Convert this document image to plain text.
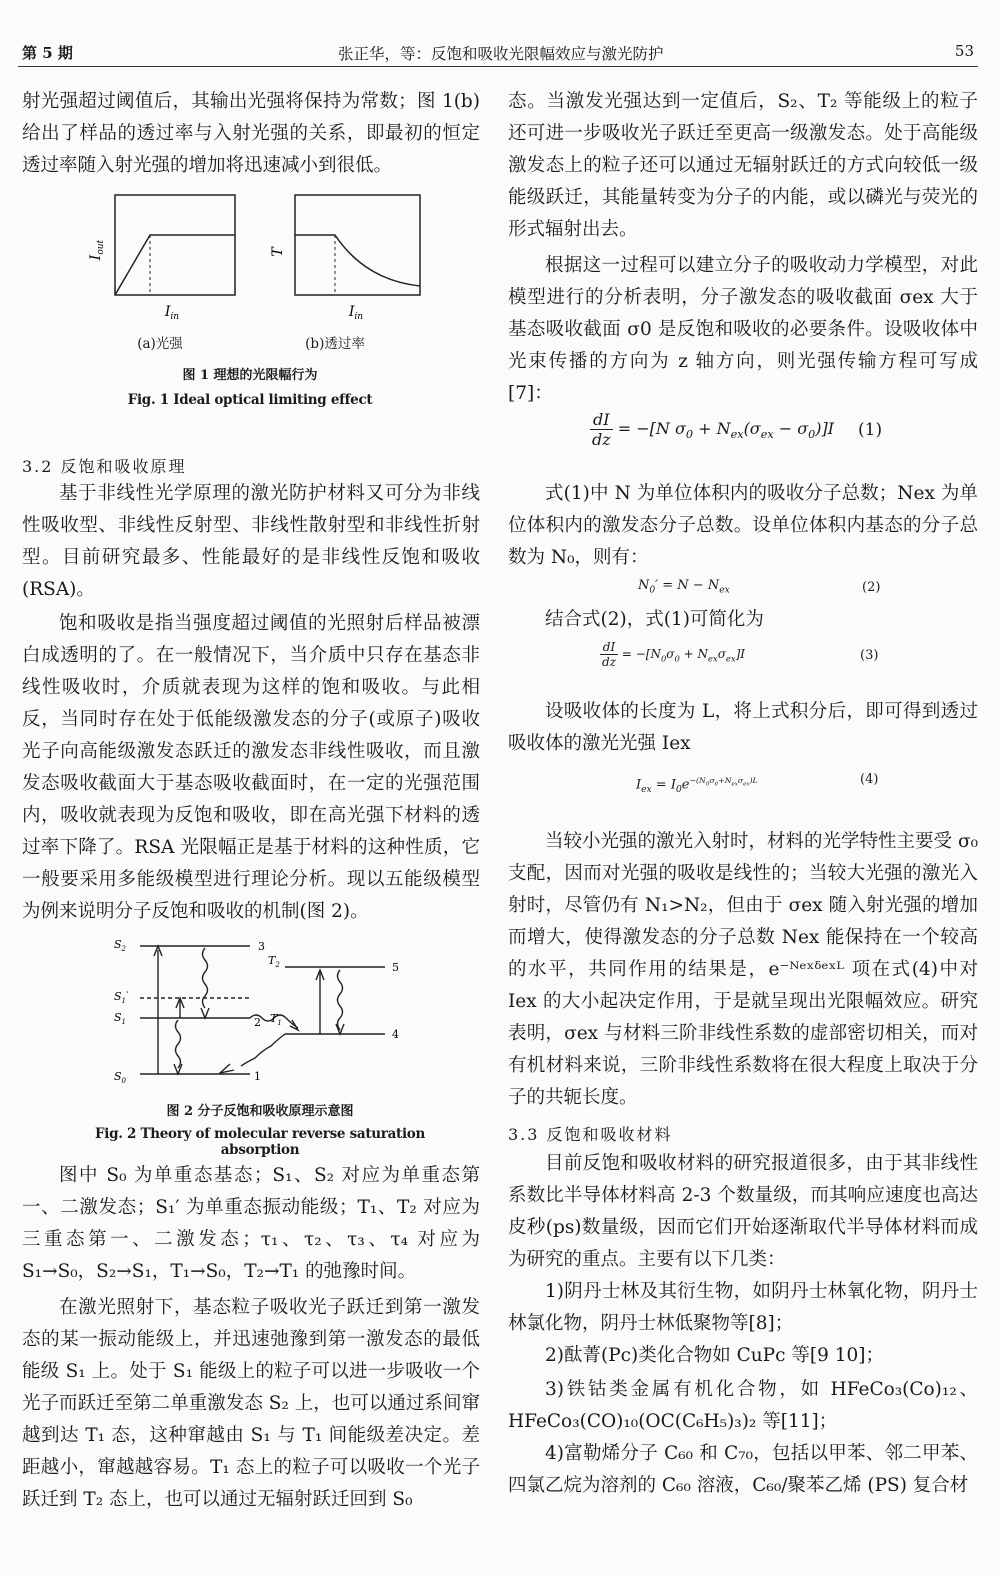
第 5 期	张正华，等：反饱和吸收光限幅效应与激光防护	53

射光强超过阈值后，其输出光强将保持为常数；图 1(b)给出了样品的透过率与入射光强的关系，即最初的恒定透过率随入射光强的增加将迅速减小到很低。

$I_{out}$
$I_{in}$
T
$I_{in}$
(a)光强	(b)透过率
图 1 理想的光限幅行为
Fig. 1 Ideal optical limiting effect
3.2 反饱和吸收原理

基于非线性光学原理的激光防护材料又可分为非线性吸收型、非线性反射型、非线性散射型和非线性折射型。目前研究最多、性能最好的是非线性反饱和吸收(RSA)。

饱和吸收是指当强度超过阈值的光照射后样品被漂白成透明的了。在一般情况下，当介质中只存在基态非线性吸收时，介质就表现为这样的饱和吸收。与此相反，当同时存在处于低能级激发态的分子(或原子)吸收光子向高能级激发态跃迁的激发态非线性吸收，而且激发态吸收截面大于基态吸收截面时，在一定的光强范围内，吸收就表现为反饱和吸收，即在高光强下材料的透过率下降了。RSA 光限幅正是基于材料的这种性质，它一般要采用多能级模型进行理论分析。现以五能级模型为例来说明分子反饱和吸收的机制(图 2)。

$S_2$
$S_1'$
$S_1$
$S_0$
$T_2$
$T_1$
3
5
2
4
1
图 2 分子反饱和吸收原理示意图
Fig. 2 Theory of molecular reverse saturation absorption

图中 S₀ 为单重态基态；S₁、S₂ 对应为单重态第一、二激发态；S₁′ 为单重态振动能级；T₁、T₂ 对应为三重态第一、二激发态；τ₁、τ₂、τ₃、τ₄ 对应为 S₁→S₀，S₂→S₁，T₁→S₀，T₂→T₁ 的弛豫时间。

在激光照射下，基态粒子吸收光子跃迁到第一激发态的某一振动能级上，并迅速弛豫到第一激发态的最低能级 S₁ 上。处于 S₁ 能级上的粒子可以进一步吸收一个光子而跃迁至第二单重激发态 S₂ 上，也可以通过系间窜越到达 T₁ 态，这种窜越由 S₁ 与 T₁ 间能级差决定。差距越小，窜越越容易。T₁ 态上的粒子可以吸收一个光子跃迁到 T₂ 态上，也可以通过无辐射跃迁回到 S₀

态。当激发光强达到一定值后，S₂、T₂ 等能级上的粒子还可进一步吸收光子跃迁至更高一级激发态。处于高能级激发态上的粒子还可以通过无辐射跃迁的方式向较低一级能级跃迁，其能量转变为分子的内能，或以磷光与荧光的形式辐射出去。

根据这一过程可以建立分子的吸收动力学模型，对此模型进行的分析表明，分子激发态的吸收截面 σex 大于基态吸收截面 σ0 是反饱和吸收的必要条件。设吸收体中光束传播的方向为 z 轴方向，则光强传输方程可写成[7]：

$\frac{dI}{dz} = -[N$ $\sigma_0 + N_{ex}(\sigma_{ex} - \sigma_0)]I$ (1)

式(1)中 N 为单位体积内的吸收分子总数；Nex 为单位体积内的激发态分子总数。设单位体积内基态的分子总数为 N₀，则有：

$N_0' = N - N_{ex}$	(2)

结合式(2)，式(1)可简化为

$\frac{dI}{dz} = -[N_0\sigma_0 + N_{ex}\sigma_{ex}]I$	(3)

设吸收体的长度为 L，将上式积分后，即可得到透过吸收体的激光光强 Iex

$I_{ex} = I_0e^{-(N_0\sigma_0+N_{ex}\sigma_{ex})L}$	(4)

当较小光强的激光入射时，材料的光学特性主要受 σ₀ 支配，因而对光强的吸收是线性的；当较大光强的激光入射时，尽管仍有 N₁>N₂，但由于 σex 随入射光强的增加而增大，使得激发态的分子总数 Nex 能保持在一个较高的水平，共同作用的结果是，e⁻ᴺᵉˣᵟᵉˣᴸ 项在式(4)中对 Iex 的大小起决定作用，于是就呈现出光限幅效应。研究表明，σex 与材料三阶非线性系数的虚部密切相关，而对有机材料来说，三阶非线性系数将在很大程度上取决于分子的共轭长度。

3.3 反饱和吸收材料

目前反饱和吸收材料的研究报道很多，由于其非线性系数比半导体材料高 2-3 个数量级，而其响应速度也高达皮秒(ps)数量级，因而它们开始逐渐取代半导体材料而成为研究的重点。主要有以下几类：

1)阴丹士林及其衍生物，如阴丹士林氧化物，阴丹士林氯化物，阴丹士林低聚物等[8]；

2)酞菁(Pc)类化合物如 CuPc 等[9 10]；

3)铁钴类金属有机化合物，如 HFeCo₃(Co)₁₂、HFeCo₃(CO)₁₀(OC(C₆H₅)₃)₂ 等[11]；

4)富勒烯分子 C₆₀ 和 C₇₀，包括以甲苯、邻二甲苯、四氯乙烷为溶剂的 C₆₀ 溶液，C₆₀/聚苯乙烯 (PS) 复合材
